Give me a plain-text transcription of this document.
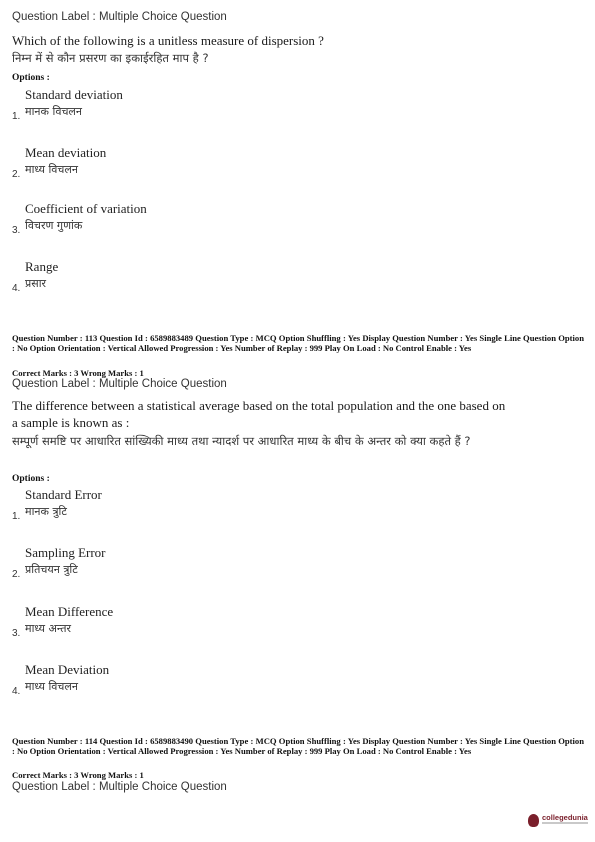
Question Label : Multiple Choice Question
Which of the following is a unitless measure of dispersion ?
निम्न में से कौन प्रसरण का इकाईरहित माप है ?
Options :
Standard deviation
मानक विचलन
1.
Mean deviation
माध्य विचलन
2.
Coefficient of variation
विचरण गुणांक
3.
Range
प्रसार
4.
Question Number : 113 Question Id : 6589883489 Question Type : MCQ Option Shuffling : Yes Display Question Number : Yes Single Line Question Option : No Option Orientation : Vertical Allowed Progression : Yes Number of Replay : 999 Play On Load : No Control Enable : Yes
Correct Marks : 3 Wrong Marks : 1
Question Label : Multiple Choice Question
The difference between a statistical average based on the total population and the one based on a sample is known as :
सम्पूर्ण समष्टि पर आधारित सांख्यिकी माध्य तथा न्यादर्श पर आधारित माध्य के बीच के अन्तर को क्या कहते हैं ?
Options :
Standard Error
मानक त्रुटि
1.
Sampling Error
प्रतिचयन त्रुटि
2.
Mean Difference
माध्य अन्तर
3.
Mean Deviation
माध्य विचलन
4.
Question Number : 114 Question Id : 6589883490 Question Type : MCQ Option Shuffling : Yes Display Question Number : Yes Single Line Question Option : No Option Orientation : Vertical Allowed Progression : Yes Number of Replay : 999 Play On Load : No Control Enable : Yes
Correct Marks : 3 Wrong Marks : 1
Question Label : Multiple Choice Question
collegedunia
